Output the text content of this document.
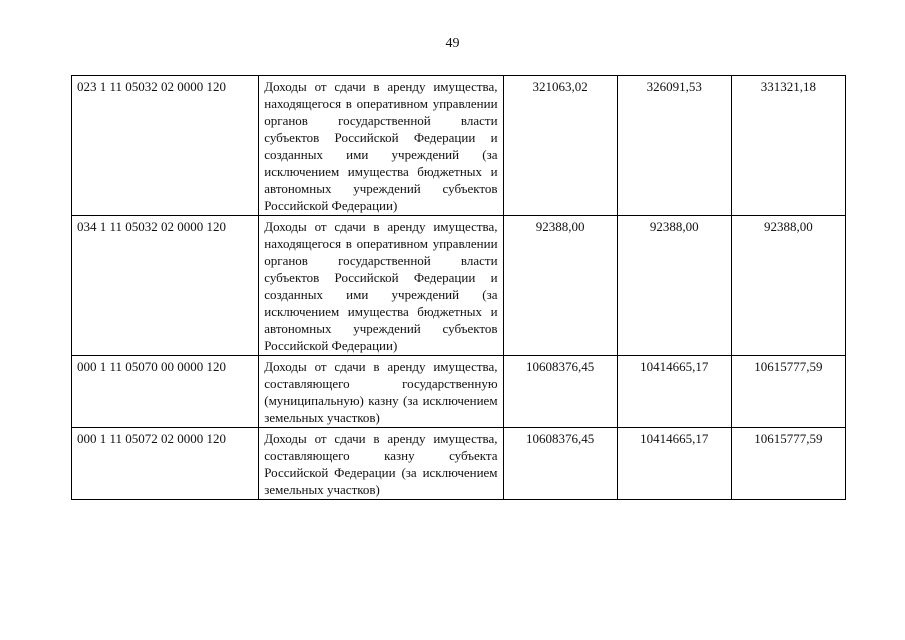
49
023 1 11 05032 02 0000 120	Доходы от сдачи в аренду имущества, находящегося в оперативном управлении органов государственной власти субъектов Российской Федерации и созданных ими учреждений (за исключением имущества бюджетных и автономных учреждений субъектов Российской Федерации)	321063,02	326091,53	331321,18
034 1 11 05032 02 0000 120	Доходы от сдачи в аренду имущества, находящегося в оперативном управлении органов государственной власти субъектов Российской Федерации и созданных ими учреждений (за исключением имущества бюджетных и автономных учреждений субъектов Российской Федерации)	92388,00	92388,00	92388,00
000 1 11 05070 00 0000 120	Доходы от сдачи в аренду имущества, составляющего государственную (муниципальную) казну (за исключением земельных участков)	10608376,45	10414665,17	10615777,59
000 1 11 05072 02 0000 120	Доходы от сдачи в аренду имущества, составляющего казну субъекта Российской Федерации (за исключением земельных участков)	10608376,45	10414665,17	10615777,59
